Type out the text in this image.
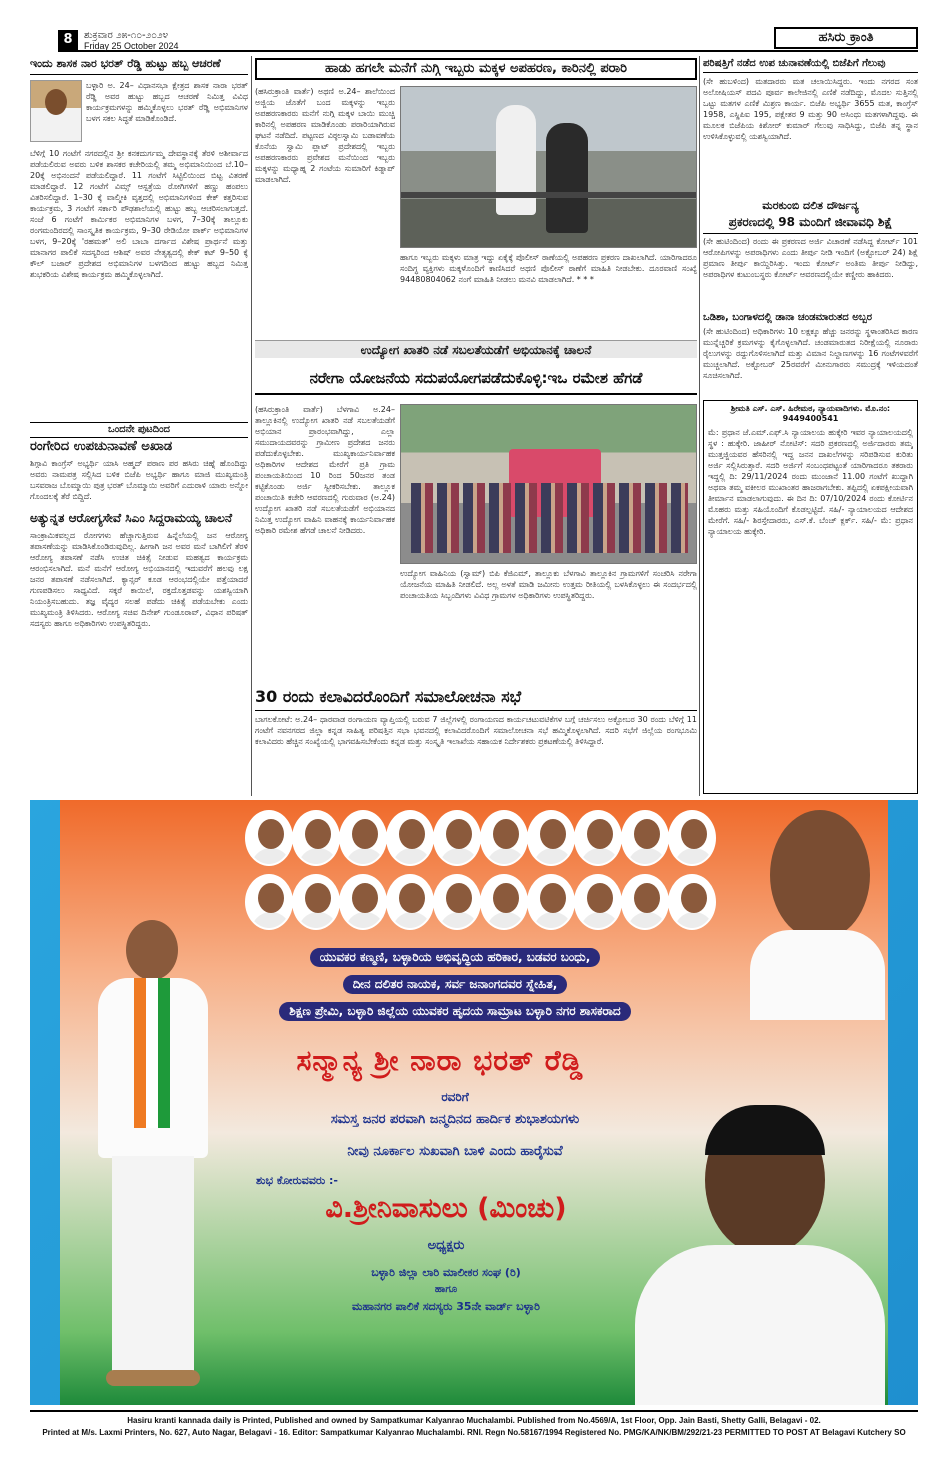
8	ಶುಕ್ರವಾರ ೨೫-೧೦-೨೦೨೪
Friday 25 October 2024
ಹಸಿರು ಕ್ರಾಂತಿ
ಇಂದು ಶಾಸಕ ನಾರ ಭರತ್ ರೆಡ್ಡಿ ಹುಟ್ಟು ಹಬ್ಬ ಆಚರಣೆ
ಬಳ್ಳಾರಿ ಅ. 24– ವಿಧಾನಸಭಾ ಕ್ಷೇತ್ರದ ಶಾಸಕ ನಾರಾ ಭರತ್ ರೆಡ್ಡಿ ಅವರ ಹುಟ್ಟು ಹಬ್ಬದ ಆಚರಣೆ ನಿಮಿತ್ತ ವಿವಿಧ ಕಾರ್ಯಕ್ರಮಗಳನ್ನು ಹಮ್ಮಿಕೊಳ್ಳಲು ಭರತ್ ರೆಡ್ಡಿ ಅಭಿಮಾನಿಗಳ ಬಳಗ ಸಕಲ ಸಿದ್ಧತೆ ಮಾಡಿಕೊಂಡಿದೆ.
ಬೆಳಿಗ್ಗೆ 10 ಗಂಟೆಗೆ ನಗರದಲ್ಲಿನ ಶ್ರೀ ಕನಕದುರ್ಗಮ್ಮ ದೇವಸ್ಥಾನಕ್ಕೆ ತೆರಳಿ ಅಶೀರ್ವಾದ ಪಡೆಯಲಿರುವ ಅವರು ಬಳಿಕ ಶಾಸಕರ ಕಚೇರಿಯಲ್ಲಿ ತಮ್ಮ ಅಭಿಮಾನಿಯಿಂದ ಬೆ.10–20ಕ್ಕೆ ಅಭಿನಂದನೆ ಪಡೆಯಲಿದ್ದಾರೆ. 11 ಗಂಟೆಗೆ ಸಿಟ್ಟಿಲಿಯಿಂದ ಬಿಟ್ಟ ವಿತರಣೆ ಮಾಡಲಿದ್ದಾರೆ. 12 ಗಂಟೆಗೆ ವಿಮ್ಸ್ ಆಸ್ಪತ್ರೆಯ ರೋಗಿಗಳಿಗೆ ಹಣ್ಣು ಹಂಪಲು ವಿತರಿಸಲಿದ್ದಾರೆ. 1–30 ಕ್ಕೆ ವಾಲ್ಮೀಕಿ ವೃತ್ತದಲ್ಲಿ ಅಭಿಮಾನಿಗಳಿಂದ ಕೇಕ್ ಕತ್ತರಿಸುವ ಕಾರ್ಯಕ್ರಮ, 3 ಗಂಟೆಗೆ ಸರ್ಕಾರಿ ಪೌಢಶಾಲೆಯಲ್ಲಿ ಹುಟ್ಟು ಹಬ್ಬ ಆಚರಿಸಲಾಗುತ್ತದೆ. ಸಂಜೆ 6 ಗಂಟೆಗೆ ಕಾರ್ಮಿಕರ ಅಭಿಮಾನಿಗಳ ಬಳಗ, 7–30ಕ್ಕೆ ತಾಲ್ಲೂಕು ರಂಗಮಂದಿರದಲ್ಲಿ ಸಾಂಸ್ಕೃತಿಕ ಕಾರ್ಯಕ್ರಮ, 9–30 ರೇಡಿಯೋ ಪಾರ್ಕ್ ಅಭಿಮಾನಿಗಳ ಬಳಗ, 9–20ಕ್ಕೆ 'ರಹಮತ್' ಅಲಿ ಬಾಬಾ ದರ್ಗಾದ ವಿಶೇಷ ಪ್ರಾರ್ಥನೆ ಮತ್ತು ಮಾನಾಗರ ಪಾಲಿಕೆ ಸದಸ್ಯರಿಂದ ಆಶಿಷ್ ಅವರ ನೇತೃತ್ವದಲ್ಲಿ ಕೇಕ್ ಕಟ್ 9–50 ಕ್ಕೆ ಕೌಲ್ ಬಜಾರ್ ಪ್ರದೇಶದ ಅಭಿಮಾನಿಗಳ ಬಳಗದಿಂದ ಹುಟ್ಟು ಹಬ್ಬದ ನಿಮಿತ್ತ ಶುಭಕರಿಯ ವಿಶೇಷ ಕಾರ್ಯಕ್ರಮ ಹಮ್ಮಿಕೊಳ್ಳಲಾಗಿದೆ.
ಒಂದನೇ ಪುಟದಿಂದ
ರಂಗೇರಿದ ಉಪಚುನಾವಣೆ ಅಖಾಡ
ಶಿಗ್ಗಾವಿ ಕಾಂಗ್ರೆಸ್ ಅಭ್ಯರ್ಥಿ ಯಾಸಿ ಅಹ್ಮದ್ ಪಠಾಣ ಪರ ಹಸಿರು ಚಿಹ್ನೆ ಹೊಂದಿದ್ದು ಅವರು ನಾಮಪತ್ರ ಸಲ್ಲಿಸಿದ ಬಳಿಕ ಬಿಜೆಪಿ ಅಭ್ಯರ್ಥಿ ಹಾಗೂ ಮಾಜಿ ಮುಖ್ಯಮಂತ್ರಿ ಬಸವರಾಜ ಬೊಮ್ಮಾಯಿ ಪುತ್ರ ಭರತ್ ಬೊಮ್ಮಾಯಿ ಅವರಿಗೆ ಎದುರಾಳಿ ಯಾರು ಅನ್ನೋ ಗೊಂದಲಕ್ಕೆ ತೆರೆ ಬಿದ್ದಿದೆ.
ಅತ್ಯುನ್ನತ ಆರೋಗ್ಯಸೇವೆ ಸಿಎಂ ಸಿದ್ದರಾಮಯ್ಯ ಚಾಲನೆ
ಸಾಂಕ್ರಾಮಿಕವಲ್ಲದ ರೋಗಗಳು ಹೆಚ್ಚಾಗುತ್ತಿರುವ ಹಿನ್ನೆಲೆಯಲ್ಲಿ ಜನ ಆರೋಗ್ಯ ತಪಾಸಣೆಯನ್ನು ಮಾಡಿಸಿಕೊಂಡಿರುವುದಿಲ್ಲ. ಹೀಗಾಗಿ ಜನ ಅವರ ಮನೆ ಬಾಗಿಲಿಗೆ ತೆರಳಿ ಆರೋಗ್ಯ ತಪಾಸಣೆ ನಡೆಸಿ ಉಚಿತ ಚಿಕಿತ್ಸೆ ನೀಡುವ ಮಹತ್ವದ ಕಾರ್ಯಕ್ರಮ ಆರಂಭಿಸಲಾಗಿದೆ. ಮನೆ ಮನೆಗೆ ಆರೋಗ್ಯ ಅಭಿಯಾನದಲ್ಲಿ ಇದುವರೆಗೆ ಹಲವು ಲಕ್ಷ ಜನರ ತಪಾಸಣೆ ನಡೆಸಲಾಗಿದೆ. ಕ್ಯಾನ್ಸರ್ ಕೂಡ ಆರಂಭದಲ್ಲಿಯೇ ಪತ್ತೆಯಾದರೆ ಗುಣಪಡಿಸಲು ಸಾಧ್ಯವಿದೆ. ಸಕ್ಕರೆ ಕಾಯಿಲೆ, ರಕ್ತದೊತ್ತಡವನ್ನು ಯಶಸ್ವಿಯಾಗಿ ನಿಯಂತ್ರಿಸಬಹುದು. ತಜ್ಞ ವೈದ್ಯರ ಸಲಹೆ ಪಡೆದು ಚಿಕಿತ್ಸೆ ಪಡೆಯಬೇಕು ಎಂದು ಮುಖ್ಯಮಂತ್ರಿ ತಿಳಿಸಿದರು. ಆರೋಗ್ಯ ಸಚಿವ ದಿನೇಶ್ ಗುಂಡೂರಾವ್, ವಿಧಾನ ಪರಿಷತ್ ಸದಸ್ಯರು ಹಾಗೂ ಅಧಿಕಾರಿಗಳು ಉಪಸ್ಥಿತರಿದ್ದರು.
ಹಾಡು ಹಗಲೇ ಮನೆಗೆ ನುಗ್ಗಿ ಇಬ್ಬರು ಮಕ್ಕಳ ಅಪಹರಣ, ಕಾರಿನಲ್ಲಿ ಪರಾರಿ
(ಹಸಿರುಕ್ರಾಂತಿ ವಾರ್ತೆ) ಅಥಣಿ ಅ.24– ಶಾಲೆಯಿಂದ ಅಜ್ಜಿಯ ಜೊತೆಗೆ ಬಂದ ಮಕ್ಕಳನ್ನು ಇಬ್ಬರು ಅಪಹರಣಕಾರರು ಮನೆಗೆ ನುಗ್ಗಿ ಮಕ್ಕಳ ಬಾಯಿ ಮುಚ್ಚಿ ಕಾರಿನಲ್ಲಿ ಅಪಹರಣ ಮಾಡಿಕೊಂಡು ಪರಾರಿಯಾಗಿರುವ ಘಟನೆ ನಡೆದಿದೆ. ಪಟ್ಟಣದ ವಿಠ್ಠಲಸ್ವಾಮಿ ಬಡಾವಣೆಯ ಕೊನೆಯ ಸ್ವಾಮಿ ಪ್ಲಾಟ್ ಪ್ರದೇಶದಲ್ಲಿ ಇಬ್ಬರು ಅಪಹರಣಕಾರರು ಪ್ರವೇಶದ ಮನೆಯಿಂದ ಇಬ್ಬರು ಮಕ್ಕಳನ್ನು ಮಧ್ಯಾಹ್ನ 2 ಗಂಟೆಯ ಸುಮಾರಿಗೆ ಕಿಡ್ನಾಪ್ ಮಾಡಲಾಗಿದೆ.
ಹಾಗೂ ಇಬ್ಬರು ಮಕ್ಕಳು ಮಾತ್ರ ಇದ್ದು ಏಕೈಕ್ಕೆ ಪೊಲೀಸ್ ಠಾಣೆಯಲ್ಲಿ ಅಪಹರಣ ಪ್ರಕರಣ ದಾಖಲಾಗಿದೆ. ಯಾರಿಗಾದರೂ ಸಂದಿಗ್ಧ ವ್ಯಕ್ತಿಗಳು ಮಕ್ಕಳೊಂದಿಗೆ ಕಾಣಿಸಿದರೆ ಅಥಣಿ ಪೊಲೀಸ್ ಠಾಣೆಗೆ ಮಾಹಿತಿ ನೀಡಬೇಕು. ದೂರವಾಣಿ ಸಂಖ್ಯೆ 94480804062 ನಂಗೆ ಮಾಹಿತಿ ನೀಡಲು ಮನವಿ ಮಾಡಲಾಗಿದೆ. * * *
ಉದ್ಯೋಗ ಖಾತರಿ ನಡೆ ಸಬಲತೆಯಡೆಗೆ ಅಭಿಯಾನಕ್ಕೆ ಚಾಲನೆ
ನರೇಗಾ ಯೋಜನೆಯ ಸದುಪಯೋಗಪಡೆದುಕೊಳ್ಳಿ:ಇಒ ರಮೇಶ ಹೆಗಡೆ
(ಹಸಿರುಕ್ರಾಂತಿ ವಾರ್ತೆ) ಬೆಳಗಾವಿ ಅ.24– ತಾಲ್ಲೂಕಿನಲ್ಲಿ ಉದ್ಯೋಗ ಖಾತರಿ ನಡೆ ಸಬಲತೆಯಡೆಗೆ ಅಭಿಯಾನ ಪ್ರಾರಂಭವಾಗಿದ್ದು, ಎಲ್ಲಾ ಸಮುದಾಯದವರನ್ನು ಗ್ರಾಮೀಣ ಪ್ರದೇಶದ ಜನರು ಪಡೆದುಕೊಳ್ಳಬೇಕು. ಮುಖ್ಯಕಾರ್ಯನಿರ್ವಾಹಕ ಅಧಿಕಾರಿಗಳ ಆದೇಶದ ಮೇರೆಗೆ ಪ್ರತಿ ಗ್ರಾಮ ಪಂಚಾಯತಿಯಿಂದ 10 ರಿಂದ 50ಜನರ ತಂಡ ಕಟ್ಟಿಕೊಂಡು ಅರ್ಜಿ ಸ್ವೀಕರಿಸಬೇಕು. ತಾಲ್ಲೂಕ ಪಂಚಾಯಿತಿ ಕಚೇರಿ ಆವರಣದಲ್ಲಿ ಗುರುವಾರ (ಅ.24) ಉದ್ಯೋಗ ಖಾತರಿ ನಡೆ ಸಬಲತೆಯಡೆಗೆ ಅಭಿಯಾನದ ನಿಮಿತ್ತ ಉದ್ಯೋಗ ವಾಹಿನಿ ವಾಹನಕ್ಕೆ ಕಾರ್ಯನಿರ್ವಾಹಕ ಅಧಿಕಾರಿ ರಮೇಶ ಹೆಗಡೆ ಚಾಲನೆ ನೀಡಿದರು.
ಉದ್ಯೋಗ ವಾಹಿನಿಯ (ಸ್ವಾಮ್) ಬಿಪಿ ಕೆಜಿಎಮ್, ತಾಲ್ಲೂಕು ಬೆಳಗಾವಿ ತಾಲ್ಲೂಕಿನ ಗ್ರಾಮಗಳಿಗೆ ಸಂಚರಿಸಿ ನರೇಗಾ ಯೋಜನೆಯ ಮಾಹಿತಿ ನೀಡಲಿದೆ. ಅಲ್ಲ ಅಳತೆ ಮಾಡಿ ಜಮೀನು ಉತ್ತಮ ರೀತಿಯಲ್ಲಿ ಬಳಸಿಕೊಳ್ಳಲು ಈ ಸಂದರ್ಭದಲ್ಲಿ ಪಂಚಾಯತಿಯ ಸಿಬ್ಬಂದಿಗಳು ವಿವಿಧ ಗ್ರಾಮಗಳ ಅಧಿಕಾರಿಗಳು ಉಪಸ್ಥಿತರಿದ್ದರು.
30 ರಂದು ಕಲಾವಿದರೊಂದಿಗೆ ಸಮಾಲೋಚನಾ ಸಭೆ
ಬಾಗಲಕೋಟೆ: ಅ.24– ಧಾರವಾಡ ರಂಗಾಯಣ ವ್ಯಾಪ್ತಿಯಲ್ಲಿ ಬರುವ 7 ಜಿಲ್ಲೆಗಳಲ್ಲಿ ರಂಗಾಯಣದ ಕಾರ್ಯಚಟುವಟಿಕೆಗಳ ಬಗ್ಗೆ ಚರ್ಚಿಸಲು ಅಕ್ಟೋಬರ 30 ರಂದು ಬೆಳಿಗ್ಗೆ 11 ಗಂಟೆಗೆ ನವನಗರದ ಜಿಲ್ಲಾ ಕನ್ನಡ ಸಾಹಿತ್ಯ ಪರಿಷತ್ತಿನ ಸಭಾ ಭವನದಲ್ಲಿ ಕಲಾವಿದರೊಂದಿಗೆ ಸಮಾಲೋಚನಾ ಸಭೆ ಹಮ್ಮಿಕೊಳ್ಳಲಾಗಿದೆ. ಸದರಿ ಸಭೆಗೆ ಜಿಲ್ಲೆಯ ರಂಗಭೂಮಿ ಕಲಾವಿದರು ಹೆಚ್ಚಿನ ಸಂಖ್ಯೆಯಲ್ಲಿ ಭಾಗವಹಿಸಬೇಕೆಂದು ಕನ್ನಡ ಮತ್ತು ಸಂಸ್ಕೃತಿ ಇಲಾಖೆಯ ಸಹಾಯಕ ನಿರ್ದೇಶಕರು ಪ್ರಕಟಣೆಯಲ್ಲಿ ತಿಳಿಸಿದ್ದಾರೆ.
ಪರಿಷತ್ತಿಗೆ ನಡೆದ ಉಪ ಚುನಾವಣೆಯಲ್ಲಿ ಬಿಜೆಪಿಗೆ ಗೆಲುವು
(ಸೇ ಹುಬಳಿಂದ) ಮತದಾರರು ಮತ ಚಲಾಯಿಸಿದ್ದರು. ಇಂದು ನಗರದ ಸಂತ ಅಲೋಷಿಯಸ್ ಪದವಿ ಪೂರ್ವ ಕಾಲೇಜಿನಲ್ಲಿ ಎಣಿಕೆ ನಡೆದಿದ್ದು, ಮೊದಲ ಸುತ್ತಿನಲ್ಲಿ ಒಟ್ಟು ಮತಗಳ ಎಣಿಕೆ ಮಿಶ್ರಣ ಕಾರ್ಯ. ಬಿಜೆಪಿ ಅಭ್ಯರ್ಥಿ 3655 ಮತ, ಕಾಂಗ್ರೆಸ್ 1958, ಎಸ್ಡಿಪಿಐ 195, ಪಕ್ಷೇತರ 9 ಮತ್ತು 90 ಅಸಿಂಧು ಮತಗಳಾಗಿದ್ದವು. ಈ ಮೂಲಕ ಬಿಜೆಪಿಯ ಕಿಶೋರ್ ಕುಮಾರ್ ಗೆಲುವು ಸಾಧಿಸಿದ್ದು, ಬಿಜೆಪಿ ತನ್ನ ಸ್ಥಾನ ಉಳಿಸಿಕೊಳ್ಳುವಲ್ಲಿ ಯಶಸ್ವಿಯಾಗಿದೆ.
ಮರಕುಂಬಿ ದಲಿತ ದೌರ್ಜನ್ಯ
ಪ್ರಕರಣದಲ್ಲಿ 98 ಮಂದಿಗೆ ಜೀವಾವಧಿ ಶಿಕ್ಷೆ
(ಸೇ ಹುಟಿಂದಿಂದ) ರಂದು ಈ ಪ್ರಕರಣದ ಅರ್ಜಿ ವಿಚಾರಣೆ ನಡೆಸಿದ್ದ ಕೋರ್ಟ್ 101 ಆರೋಪಿಗಳನ್ನು ಅಪರಾಧಿಗಳು ಎಂದು ತೀರ್ಪು ನೀಡಿ ಇಂದಿಗೆ (ಅಕ್ಟೋಬರ್ 24) ಶಿಕ್ಷೆ ಪ್ರಮಾಣ ತೀರ್ಪು ಕಾಯ್ದಿರಿಸಿತ್ತು. ಇಂದು ಕೋರ್ಟ್ ಅಂತಿಮ ತೀರ್ಪು ನೀಡಿದ್ದು, ಅಪರಾಧಿಗಳ ಕುಟುಂಬಸ್ಥರು ಕೋರ್ಟ್ ಆವರಣದಲ್ಲಿಯೇ ಕಣ್ಣೀರು ಹಾಕಿದರು.
ಒಡಿಶಾ, ಬಂಗಾಳದಲ್ಲಿ ಡಾನಾ ಚಂಡಮಾರುತದ ಅಬ್ಬರ
(ಸೇ ಹುಟಿಂದಿಂದ) ಅಧಿಕಾರಿಗಳು 10 ಲಕ್ಷಕ್ಕೂ ಹೆಚ್ಚು ಜನರನ್ನು ಸ್ಥಳಾಂತರಿಸಿದ ಕಾರಣ ಮುನ್ನೆಚ್ಚರಿಕೆ ಕ್ರಮಗಳನ್ನು ಕೈಗೊಳ್ಳಲಾಗಿದೆ. ಚಂಡಮಾರುತದ ನಿರೀಕ್ಷೆಯಲ್ಲಿ ನೂರಾರು ರೈಲುಗಳನ್ನು ರದ್ದುಗೊಳಿಸಲಾಗಿದೆ ಮತ್ತು ವಿಮಾನ ನಿಲ್ದಾಣಗಳನ್ನು 16 ಗಂಟೆಗಳವರೆಗೆ ಮುಚ್ಚಲಾಗಿದೆ. ಅಕ್ಟೋಬರ್ 25ರವರೆಗೆ ಮೀನುಗಾರರು ಸಮುದ್ರಕ್ಕೆ ಇಳಿಯದಂತೆ ಸೂಚಿಸಲಾಗಿದೆ.
ಶ್ರೀಮತಿ ಎಸ್. ಎಸ್. ಹಿರೇಮಠ, ನ್ಯಾಯವಾದಿಗಳು. ಮೊ.ನಂ: 9449400541
ಮೆ: ಪ್ರಧಾನ ಜೆ.ಎಮ್.ಎಫ್.ಸಿ ನ್ಯಾಯಾಲಯ ಹುಕ್ಕೇರಿ ಇವರ ನ್ಯಾಯಾಲಯದಲ್ಲಿ ಸ್ಥಳ : ಹುಕ್ಕೇರಿ. ಜಾಹೀರ್ ನೋಟಿಸ್: ಸದರಿ ಪ್ರಕರಣದಲ್ಲಿ ಅರ್ಜಿದಾರರು ತಮ್ಮ ಮುತ್ತಜ್ಜಿಯವರ ಹೆಸರಿನಲ್ಲಿ ಇದ್ದ ಜನನ ದಾಖಲೆಗಳನ್ನು ಸರಿಪಡಿಸುವ ಕುರಿತು ಅರ್ಜಿ ಸಲ್ಲಿಸಿರುತ್ತಾರೆ. ಸದರಿ ಅರ್ಜಿಗೆ ಸಂಬಂಧಪಟ್ಟಂತೆ ಯಾರಿಗಾದರೂ ತಕರಾರು ಇದ್ದಲ್ಲಿ ದಿ: 29/11/2024 ರಂದು ಮುಂಜಾನೆ 11.00 ಗಂಟೆಗೆ ಖುದ್ದಾಗಿ ಅಥವಾ ತಮ್ಮ ವಕೀಲರ ಮುಖಾಂತರ ಹಾಜರಾಗಬೇಕು. ತಪ್ಪಿದಲ್ಲಿ ಏಕಪಕ್ಷೀಯವಾಗಿ ತೀರ್ಮಾನ ಮಾಡಲಾಗುವುದು. ಈ ದಿನ ದಿ: 07/10/2024 ರಂದು ಕೋರ್ಟಿನ ಮೊಹರು ಮತ್ತು ಸಹಿಯೊಂದಿಗೆ ಕೊಡಲ್ಪಟ್ಟಿದೆ. ಸಹಿ/- ನ್ಯಾಯಾಲಯದ ಆದೇಶದ ಮೇರೆಗೆ. ಸಹಿ/- ಶಿರಸ್ತೇದಾರರು, ಎಸ್.ಕೆ. ಬೆಂಚ್ ಕ್ಲರ್ಕ್. ಸಹಿ/- ಮೆ: ಪ್ರಧಾನ ನ್ಯಾಯಾಲಯ ಹುಕ್ಕೇರಿ.
ಯುವಕರ ಕಣ್ಮಣಿ, ಬಳ್ಳಾರಿಯ ಅಭಿವೃದ್ಧಿಯ ಹರಿಕಾರ, ಬಡವರ ಬಂಧು,
ದೀನ ದಲಿತರ ನಾಯಕ, ಸರ್ವ ಜನಾಂಗದವರ ಸ್ನೇಹಿತ,
ಶಿಕ್ಷಣ ಪ್ರೇಮಿ, ಬಳ್ಳಾರಿ ಜಿಲ್ಲೆಯ ಯುವಕರ ಹೃದಯ ಸಾಮ್ರಾಟ ಬಳ್ಳಾರಿ ನಗರ ಶಾಸಕರಾದ
ಸನ್ಮಾನ್ಯ ಶ್ರೀ ನಾರಾ ಭರತ್ ರೆಡ್ಡಿ
ರವರಿಗೆ
ಸಮಸ್ತ ಜನರ ಪರವಾಗಿ ಜನ್ಮದಿನದ ಹಾರ್ದಿಕ ಶುಭಾಶಯಗಳು
ನೀವು ನೂರ್ಕಾಲ ಸುಖವಾಗಿ ಬಾಳಿ ಎಂದು ಹಾರೈಸುವೆ
ಶುಭ ಕೋರುವವರು :-
ವಿ.ಶ್ರೀನಿವಾಸುಲು (ಮಿಂಚು)
ಅಧ್ಯಕ್ಷರು
ಬಳ್ಳಾರಿ ಜಿಲ್ಲಾ ಲಾರಿ ಮಾಲೀಕರ ಸಂಘ (ರಿ)
ಹಾಗೂ
ಮಹಾನಗರ ಪಾಲಿಕೆ ಸದಸ್ಯರು 35ನೇ ವಾರ್ಡ್ ಬಳ್ಳಾರಿ
Hasiru kranti kannada daily is Printed, Published and owned by Sampatkumar Kalyanrao Muchalambi. Published from No.4569/A, 1st Floor, Opp. Jain Basti, Shetty Galli, Belagavi - 02.
Printed at M/s. Laxmi Printers, No. 627, Auto Nagar, Belagavi - 16. Editor: Sampatkumar Kalyanrao Muchalambi. RNI. Regn No.58167/1994 Registered No. PMG/KA/NK/BM/292/21-23 PERMITTED TO POST AT Belagavi Kutchery SO
